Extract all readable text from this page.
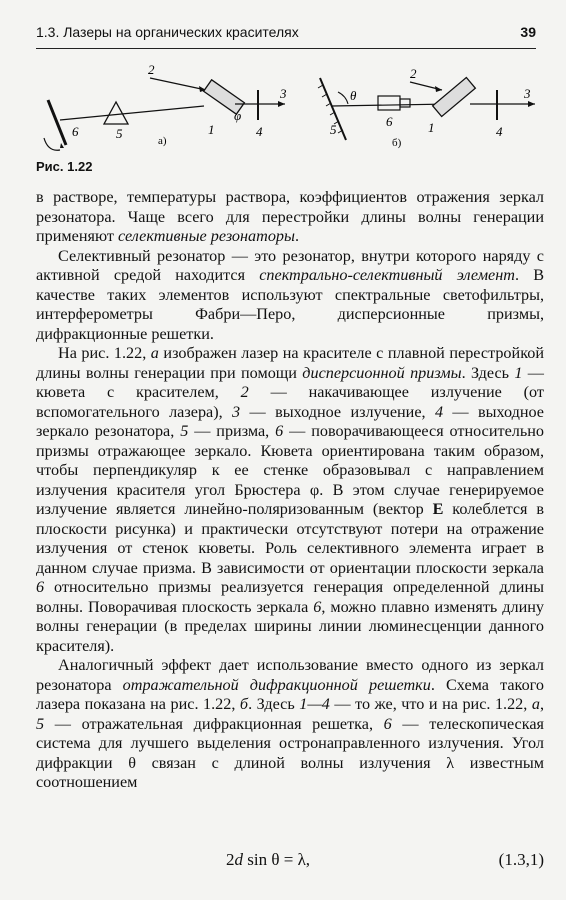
1.3. Лазеры на органических красителях	39
6	5
2
1
φ
4
3
а)
5
θ
2
6	1	4
3
б)
Рис. 1.22

в растворе, температуры раствора, коэффициентов отражения зеркал резонатора. Чаще всего для перестройки длины волны генерации применяют селективные резонаторы.

Селективный резонатор — это резонатор, внутри которого наряду с активной средой находится спектрально-селективный элемент. В качестве таких элементов используют спектральные светофильтры, интерферометры Фабри—Перо, дисперсионные призмы, дифракционные решетки.

На рис. 1.22, а изображен лазер на красителе с плавной перестройкой длины волны генерации при помощи дисперсионной призмы. Здесь 1 — кювета с красителем, 2 — накачивающее излучение (от вспомогательного лазера), 3 — выходное излучение, 4 — выходное зеркало резонатора, 5 — призма, 6 — поворачивающееся относительно призмы отражающее зеркало. Кювета ориентирована таким образом, чтобы перпендикуляр к ее стенке образовывал с направлением излучения красителя угол Брюстера φ. В этом случае генерируемое излучение является линейно-поляризованным (вектор E колеблется в плоскости рисунка) и практически отсутствуют потери на отражение излучения от стенок кюветы. Роль селективного элемента играет в данном случае призма. В зависимости от ориентации плоскости зеркала 6 относительно призмы реализуется генерация определенной длины волны. Поворачивая плоскость зеркала 6, можно плавно изменять длину волны генерации (в пределах ширины линии люминесценции данного красителя).

Аналогичный эффект дает использование вместо одного из зеркал резонатора отражательной дифракционной решетки. Схема такого лазера показана на рис. 1.22, б. Здесь 1—4 — то же, что и на рис. 1.22, а, 5 — отражательная дифракционная решетка, 6 — телескопическая система для лучшего выделения остронаправленного излучения. Угол дифракции θ связан с длиной волны излучения λ известным соотношением

2d sin θ = λ,	(1.3,1)
